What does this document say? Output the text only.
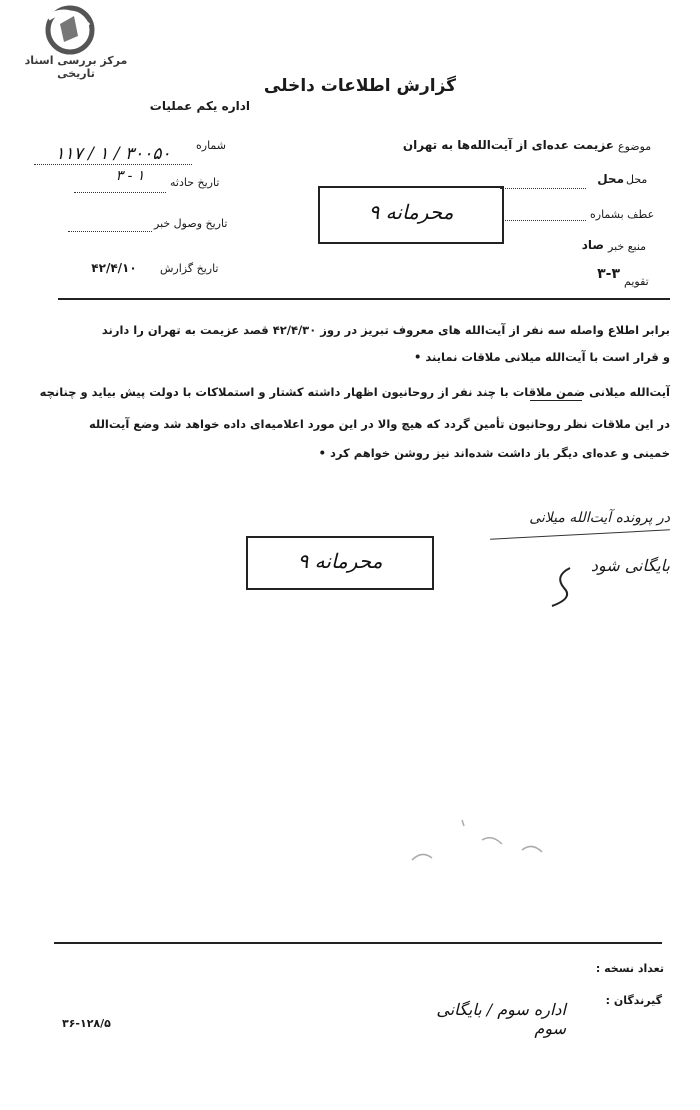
مرکز بررسی اسناد تاریخی
گزارش اطلاعات داخلی
اداره یکم عملیات
شماره
۳۰۰۵۰ / ۱ / ۱۱۷
تاریخ حادثه
۱ - ۳
تاریخ وصول خبر
تاریخ گزارش
۴۲/۴/۱۰
موضوع
عزیمت عده‌ای از آیت‌الله‌ها به تهران
محل
محل
عطف بشماره
منبع خبر
صاد
تقویم
۳-۳
محرمانه ۹
برابر اطلاع واصله سه نفر از آیت‌الله های معروف تبریز در روز ۴۲/۴/۳۰ قصد عزیمت به تهران را دارند
و قرار است با آیت‌الله میلانی ملاقات نمایند •
آیت‌الله میلانی ضمن ملاقات با چند نفر از روحانیون اظهار داشته کشتار و استملاکات با دولت پیش بیاید و چنانچه
در این ملاقات نظر روحانیون تأمین گردد که هیچ والا در این مورد اعلامیه‌ای داده خواهد شد وضع آیت‌الله
خمینی و عده‌ای دیگر باز داشت شده‌اند نیز روشن خواهم کرد •
در پرونده آیت‌الله میلانی
بایگانی شود
محرمانه ۹
تعداد نسخه :
گیرندگان :
اداره سوم / بایگانی سوم
۳۶-۱۲۸/۵
